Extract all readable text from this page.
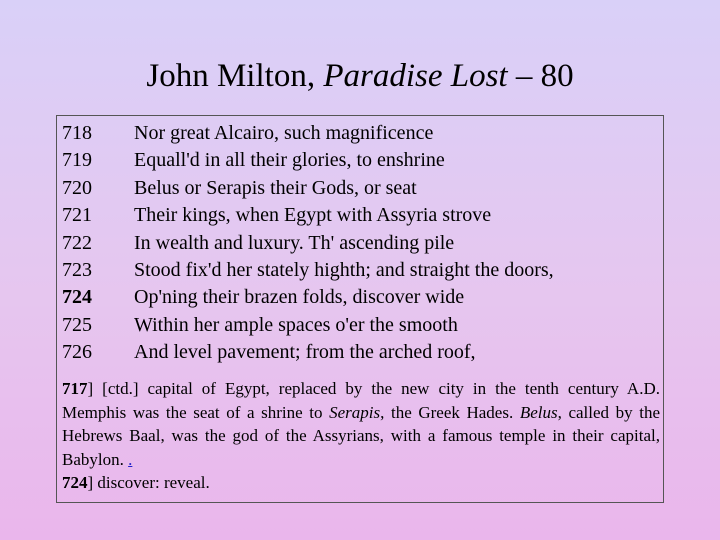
John Milton, Paradise Lost – 80
718	Nor great Alcairo, such magnificence
719	Equall'd in all their glories, to enshrine
720	Belus or Serapis their Gods, or seat
721	Their kings, when Egypt with Assyria strove
722	In wealth and luxury. Th' ascending pile
723	Stood fix'd her stately highth; and straight the doors,
724	Op'ning their brazen folds, discover wide
725	Within her ample spaces o'er the smooth
726	And level pavement; from the arched roof,

717] [ctd.] capital of Egypt, replaced by the new city in the tenth century A.D. Memphis was the seat of a shrine to Serapis, the Greek Hades. Belus, called by the Hebrews Baal, was the god of the Assyrians, with a famous temple in their capital, Babylon. .

724] discover: reveal.
